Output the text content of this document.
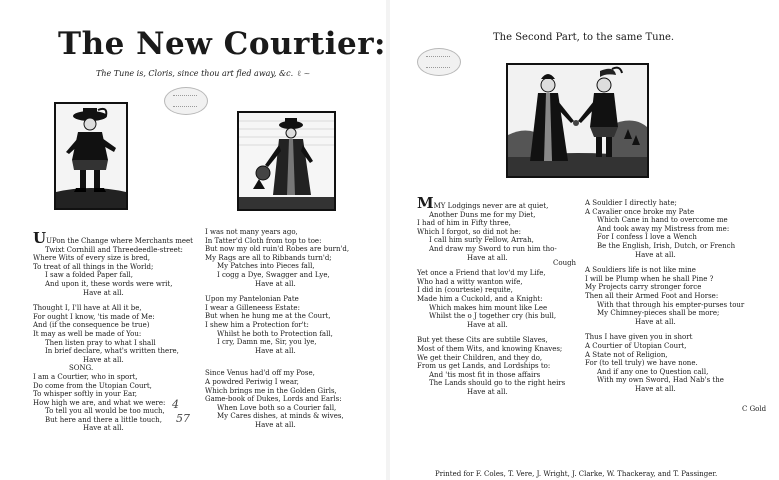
The New Courtier:
The Tune is, Cloris, since thou art fled away, &c. ℓ ~
UUPon the Change where Merchants meet
Twixt Cornhill and Threedeedle-street:
Where Wits of every size is bred,
To treat of all things in the World;
I saw a folded Paper fall,
And upon it, these words were writ,
Have at all.
Thought I, I'll have at All it be,
For ought I know, 'tis made of Me:
And (if the consequence be true)
It may as well be made of You:
Then listen pray to what I shall
In brief declare, what's written there,
Have at all.
SONG.
I am a Courtier, who in sport,
Do come from the Utopian Court,
To whisper softly in your Ear,
How high we are, and what we were:
To tell you all would be too much,
But here and there a little touch,
Have at all.
4
57
I was not many years ago,
In Tatter'd Cloth from top to toe:
But now my old ruin'd Robes are burn'd,
My Rags are all to Ribbands turn'd;
My Patches into Pieces fall,
I cogg a Dye, Swagger and Lye,
Have at all.
Upon my Pantelonian Pate
I wear a Gilleneess Estate:
But when he hung me at the Court,
I shew him a Protection for't:
Whilst he both to Protection fall,
I cry, Damn me, Sir, you lye,
Have at all.
Since Venus had'd off my Pose,
A powdred Periwig I wear,
Which brings me in the Golden Girls,
Game-book of Dukes, Lords and Earls:
When Love both so a Courier fall,
My Cares dishes, at minds & wives,
Have at all.
The Second Part, to the same Tune.
MMY Lodgings never are at quiet,
Another Duns me for my Diet,
I had of him in Fifty three,
Which I forgot, so did not he:
I call him surly Fellow, Arrah,
And draw my Sword to run him tho-
Have at all.
Yet once a Friend that lov'd my Life,
Who had a witty wanton wife,
I did in (courtesie) requite,
Made him a Cuckold, and a Knight:
Which makes him mount like Lee
Whilst the o J together cry (his bull,
Have at all.
But yet these Cits are subtile Slaves,
Most of them Wits, and knowing Knaves;
We get their Children, and they do,
From us get Lands, and Lordships to:
And 'tis most fit in those affairs
The Lands should go to the right heirs
Have at all.
Cough
A Souldier I directly hate;
A Cavalier once broke my Pate
Which Cane in hand to overcome me
And took away my Mistress from me:
For I confess I love a Wench
Be the English, Irish, Dutch, or French
Have at all.
A Souldiers life is not like mine
I will be Plump when he shall Pine ?
My Projects carry stronger force
Then all their Armed Foot and Horse:
With that through his empter-purses tour
My Chimney-pieces shall be more;
Have at all.
Thus I have given you in short
A Courtier of Utopian Court,
A State not of Religion,
For (to tell truly) we have none.
And if any one to Question call,
With my own Sword, Had Nab's the
Have at all.
C Gold
Printed for F. Coles, T. Vere, J. Wright, J. Clarke, W. Thackeray, and T. Passinger.
